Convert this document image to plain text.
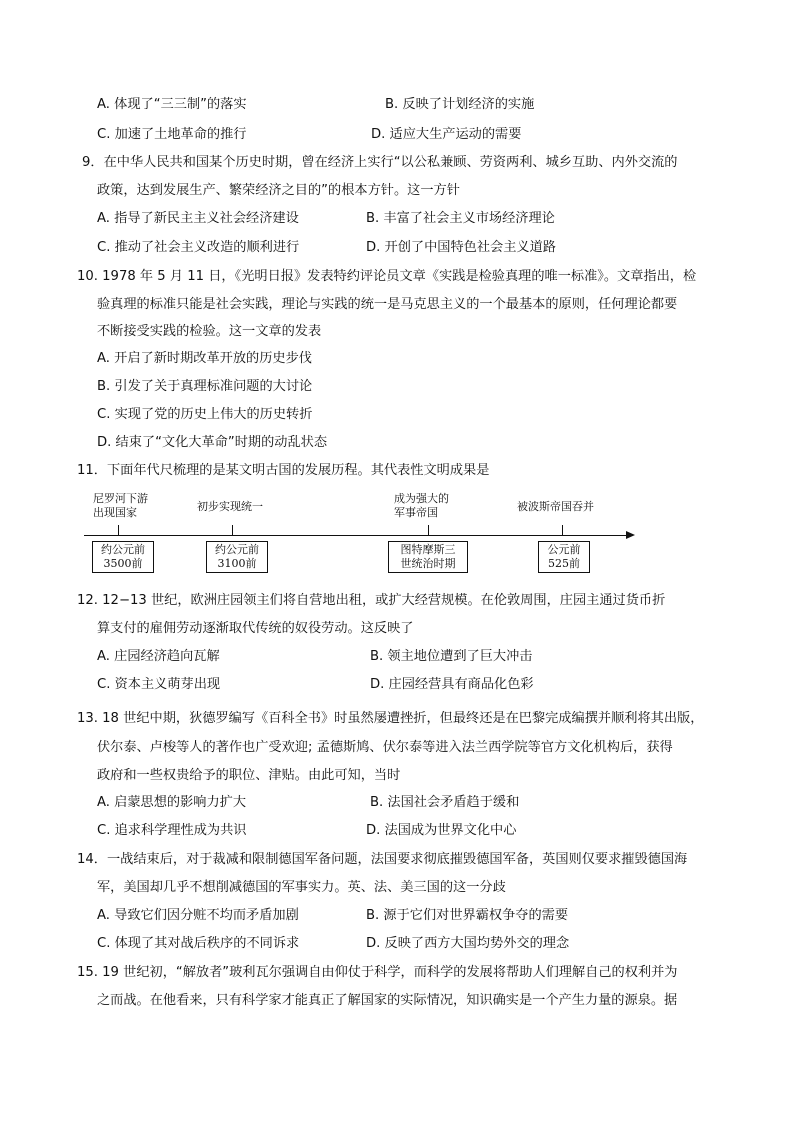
A. 体现了“三三制”的落实	B. 反映了计划经济的实施
C. 加速了土地革命的推行	D. 适应大生产运动的需要
9．在中华人民共和国某个历史时期，曾在经济上实行“以公私兼顾、劳资两利、城乡互助、内外交流的
政策，达到发展生产、繁荣经济之目的”的根本方针。这一方针
A. 指导了新民主主义社会经济建设	B. 丰富了社会主义市场经济理论
C. 推动了社会主义改造的顺利进行	D. 开创了中国特色社会主义道路
10. 1978 年 5 月 11 日，《光明日报》发表特约评论员文章《实践是检验真理的唯一标准》。文章指出，检
验真理的标准只能是社会实践，理论与实践的统一是马克思主义的一个最基本的原则，任何理论都要
不断接受实践的检验。这一文章的发表
A. 开启了新时期改革开放的历史步伐
B. 引发了关于真理标准问题的大讨论
C. 实现了党的历史上伟大的历史转折
D. 结束了“文化大革命”时期的动乱状态
11．下面年代尺梳理的是某文明古国的发展历程。其代表性文明成果是
尼罗河下游
出现国家
约公元前
3500前
初步实现统一
约公元前
3100前
成为强大的
军事帝国
图特摩斯三
世统治时期
被波斯帝国吞并
公元前
525前
12. 12−13 世纪，欧洲庄园领主们将自营地出租，或扩大经营规模。在伦敦周围，庄园主通过货币折
算支付的雇佣劳动逐渐取代传统的奴役劳动。这反映了
A. 庄园经济趋向瓦解	B. 领主地位遭到了巨大冲击
C. 资本主义萌芽出现	D. 庄园经营具有商品化色彩
13. 18 世纪中期，狄德罗编写《百科全书》时虽然屡遭挫折，但最终还是在巴黎完成编撰并顺利将其出版，
伏尔泰、卢梭等人的著作也广受欢迎; 孟德斯鸠、伏尔泰等进入法兰西学院等官方文化机构后，获得
政府和一些权贵给予的职位、津贴。由此可知，当时
A. 启蒙思想的影响力扩大	B. 法国社会矛盾趋于缓和
C. 追求科学理性成为共识	D. 法国成为世界文化中心
14．一战结束后，对于裁减和限制德国军备问题，法国要求彻底摧毁德国军备，英国则仅要求摧毁德国海
军，美国却几乎不想削减德国的军事实力。英、法、美三国的这一分歧
A. 导致它们因分赃不均而矛盾加剧	B. 源于它们对世界霸权争夺的需要
C. 体现了其对战后秩序的不同诉求	D. 反映了西方大国均势外交的理念
15. 19 世纪初，“解放者”玻利瓦尔强调自由仰仗于科学，而科学的发展将帮助人们理解自己的权利并为
之而战。在他看来，只有科学家才能真正了解国家的实际情况，知识确实是一个产生力量的源泉。据
